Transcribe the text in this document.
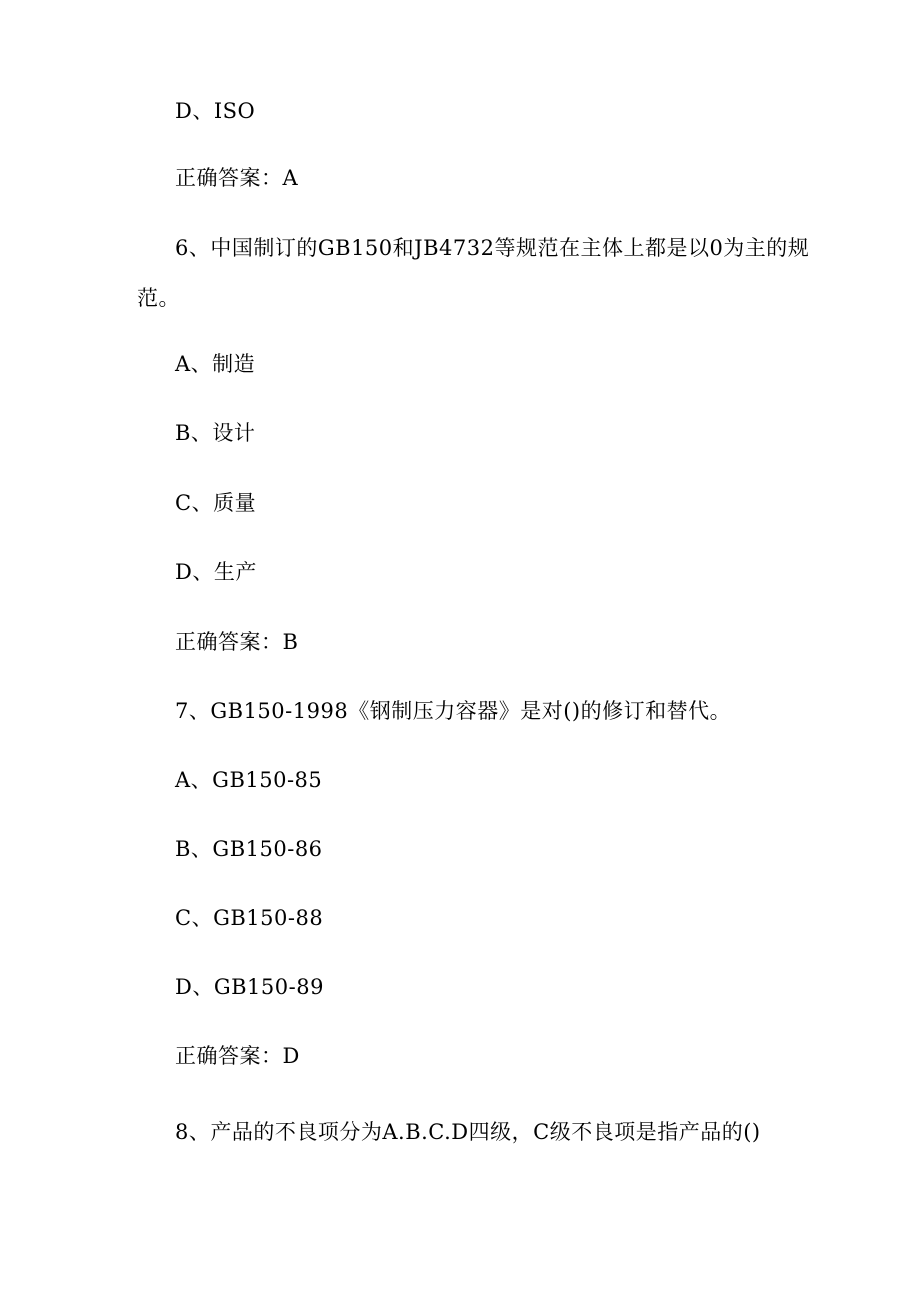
D、ISO
正确答案：A
6、中国制订的GB150和JB4732等规范在主体上都是以0为主的规
范。
A、制造
B、设计
C、质量
D、生产
正确答案：B
7、GB150-1998《钢制压力容器》是对()的修订和替代。
A、GB150-85
B、GB150-86
C、GB150-88
D、GB150-89
正确答案：D
8、产品的不良项分为A.B.C.D四级，C级不良项是指产品的()
